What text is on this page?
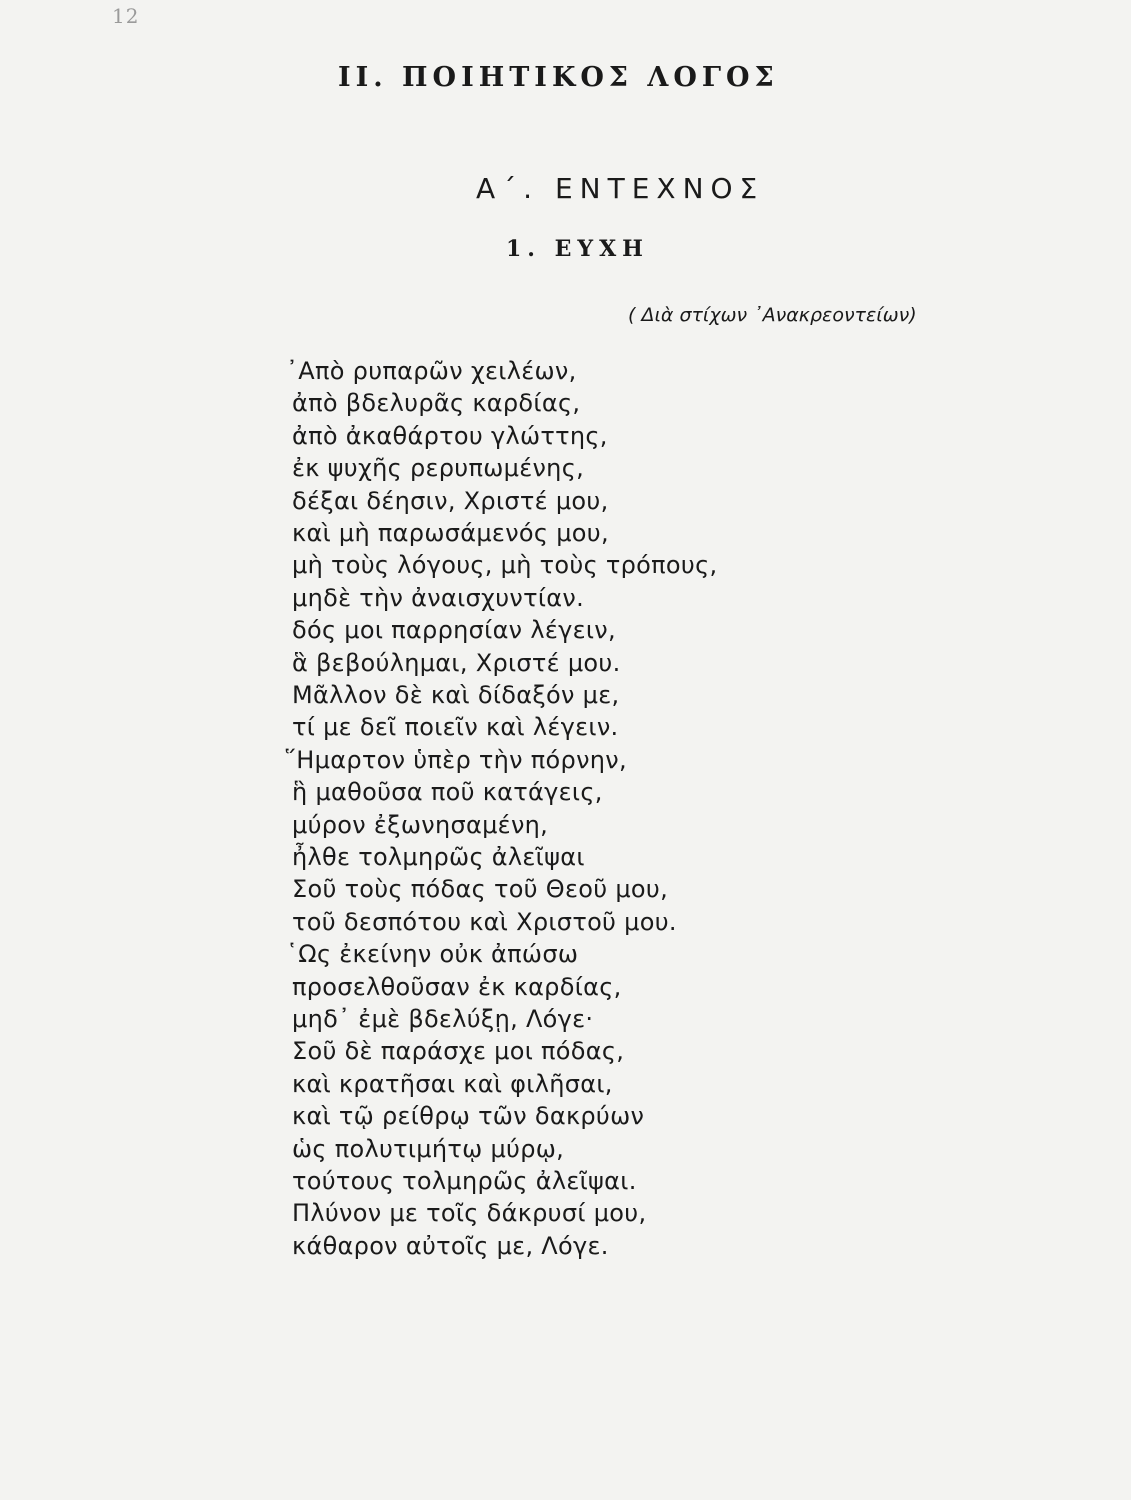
12
ΙΙ. ΠΟΙΗΤΙΚΟΣ ΛΟΓΟΣ
Α΄. ΕΝΤΕΧΝΟΣ
1. ΕΥΧΗ
( Διὰ στίχων ᾿Ανακρεοντείων)
᾿Απὸ ρυπαρῶν χειλέων,
ἀπὸ βδελυρᾶς καρδίας,
ἀπὸ ἀκαθάρτου γλώττης,
ἐκ ψυχῆς ρερυπωμένης,
δέξαι δέησιν, Χριστέ μου,
καὶ μὴ παρωσάμενός μου,
μὴ τοὺς λόγους, μὴ τοὺς τρόπους,
μηδὲ τὴν ἀναισχυντίαν.
δός μοι παρρησίαν λέγειν,
ἃ βεβούλημαι, Χριστέ μου.
Μᾶλλον δὲ καὶ δίδαξόν με,
τί με δεῖ ποιεῖν καὶ λέγειν.
῞Ημαρτον ὑπὲρ τὴν πόρνην,
ἣ μαθοῦσα ποῦ κατάγεις,
μύρον ἐξωνησαμένη,
ἦλθε τολμηρῶς ἀλεῖψαι
Σοῦ τοὺς πόδας τοῦ Θεοῦ μου,
τοῦ δεσπότου καὶ Χριστοῦ μου.
῾Ως ἐκείνην οὐκ ἀπώσω
προσελθοῦσαν ἐκ καρδίας,
μηδ᾿ ἐμὲ βδελύξῃ, Λόγε·
Σοῦ δὲ παράσχε μοι πόδας,
καὶ κρατῆσαι καὶ φιλῆσαι,
καὶ τῷ ρείθρῳ τῶν δακρύων
ὡς πολυτιμήτῳ μύρῳ,
τούτους τολμηρῶς ἀλεῖψαι.
Πλύνον με τοῖς δάκρυσί μου,
κάθαρον αὐτοῖς με, Λόγε.
